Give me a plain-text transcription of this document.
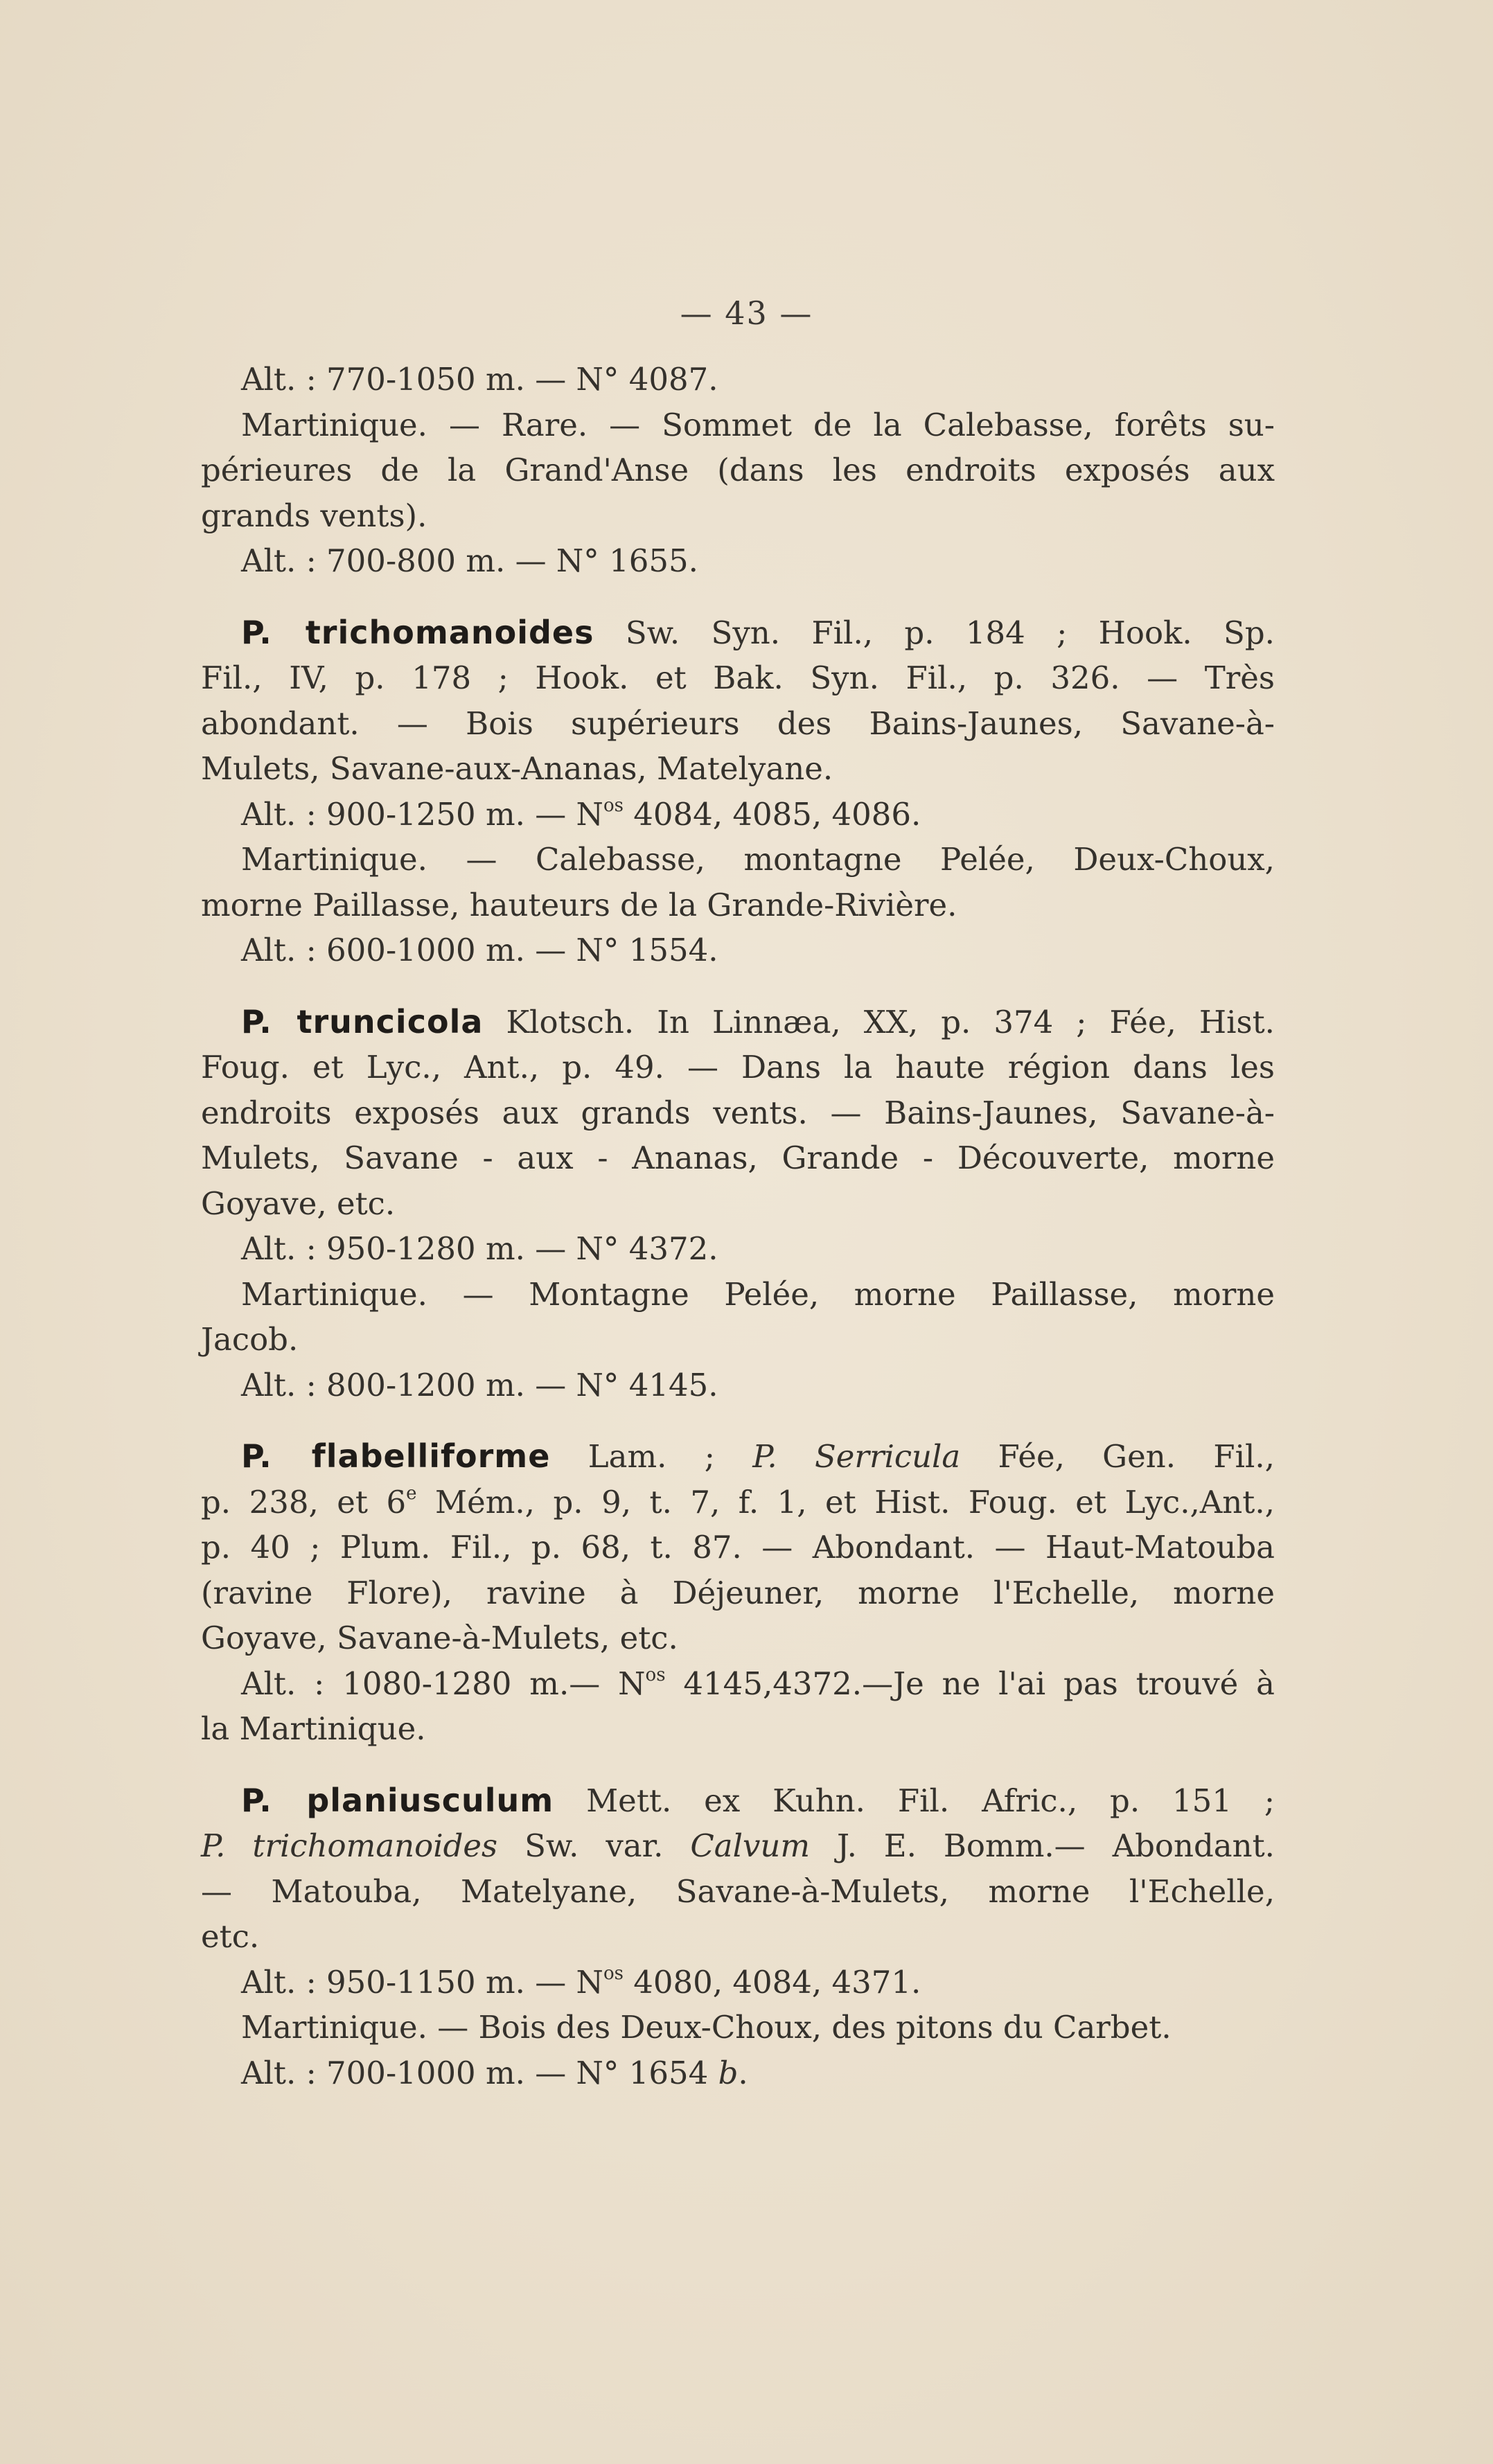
— 43 —
Alt. : 770-1050 m. — N° 4087.
Martinique. — Rare. — Sommet de la Calebasse, forêts su-
périeures de la Grand'Anse (dans les endroits exposés aux
grands vents).
Alt. : 700-800 m. — N° 1655.
P. trichomanoides Sw. Syn. Fil., p. 184 ; Hook. Sp.
Fil., IV, p. 178 ; Hook. et Bak. Syn. Fil., p. 326. — Très
abondant. — Bois supérieurs des Bains-Jaunes, Savane-à-
Mulets, Savane-aux-Ananas, Matelyane.
Alt. : 900-1250 m. — $N^{os}$ 4084, 4085, 4086.
Martinique. — Calebasse, montagne Pelée, Deux-Choux,
morne Paillasse, hauteurs de la Grande-Rivière.
Alt. : 600-1000 m. — N° 1554.
P. truncicola Klotsch. In Linnæa, XX, p. 374 ; Fée, Hist.
Foug. et Lyc., Ant., p. 49. — Dans la haute région dans les
endroits exposés aux grands vents. — Bains-Jaunes, Savane-à-
Mulets, Savane - aux - Ananas, Grande - Découverte, morne
Goyave, etc.
Alt. : 950-1280 m. — N° 4372.
Martinique. — Montagne Pelée, morne Paillasse, morne
Jacob.
Alt. : 800-1200 m. — N° 4145.
P. flabelliforme Lam. ; P. Serricula Fée, Gen. Fil.,
p. 238, et 6e Mém., p. 9, t. 7, f. 1, et Hist. Foug. et Lyc.,Ant.,
p. 40 ; Plum. Fil., p. 68, t. 87. — Abondant. — Haut-Matouba
(ravine Flore), ravine à Déjeuner, morne l'Echelle, morne
Goyave, Savane-à-Mulets, etc.
Alt. : 1080-1280 m.— $N^{os}$ 4145,4372.—Je ne l'ai pas trouvé à
la Martinique.
P. planiusculum Mett. ex Kuhn. Fil. Afric., p. 151 ;
P. trichomanoides Sw. var. Calvum J. E. Bomm.— Abondant.
— Matouba, Matelyane, Savane-à-Mulets, morne l'Echelle,
etc.
Alt. : 950-1150 m. — $N^{os}$ 4080, 4084, 4371.
Martinique. — Bois des Deux-Choux, des pitons du Carbet.
Alt. : 700-1000 m. — N° 1654 b.
